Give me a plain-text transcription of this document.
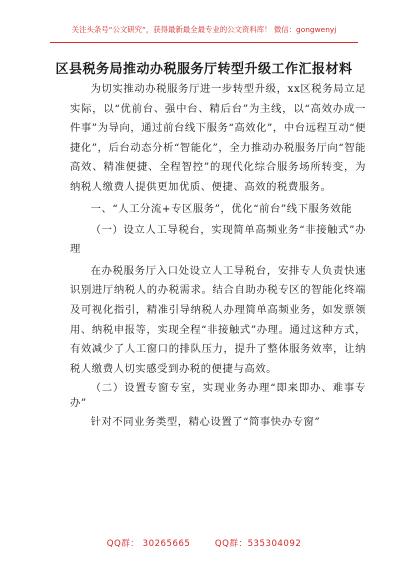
关注头条号“公文研究”，获得最新最全最专业的公文资料库！ 微信：gongwenyj
区县税务局推动办税服务厅转型升级工作汇报材料

为切实推动办税服务厅进一步转型升级，xx区税务局立足实际，以“优前台、强中台、精后台”为主线，以“高效办成一件事”为导向，通过前台线下服务“高效化”，中台远程互动“便捷化”，后台动态分析“智能化”，全力推动办税服务厅向“智能高效、精准便捷、全程智控”的现代化综合服务场所转变，为纳税人缴费人提供更加优质、便捷、高效的税费服务。

一、“人工分流+专区服务”，优化“前台”线下服务效能

（一）设立人工导税台，实现简单高频业务“非接触式”办理

在办税服务厅入口处设立人工导税台，安排专人负责快速识别进厅纳税人的办税需求。结合自助办税专区的智能化终端及可视化指引，精准引导纳税人办理简单高频业务，如发票领用、纳税申报等，实现全程“非接触式”办理。通过这种方式，有效减少了人工窗口的排队压力，提升了整体服务效率，让纳税人缴费人切实感受到办税的便捷与高效。

（二）设置专窗专室，实现业务办理“即来即办、难事专办”

针对不同业务类型，精心设置了“简事快办专窗”

QQ群： 30265665	QQ群：535304092
